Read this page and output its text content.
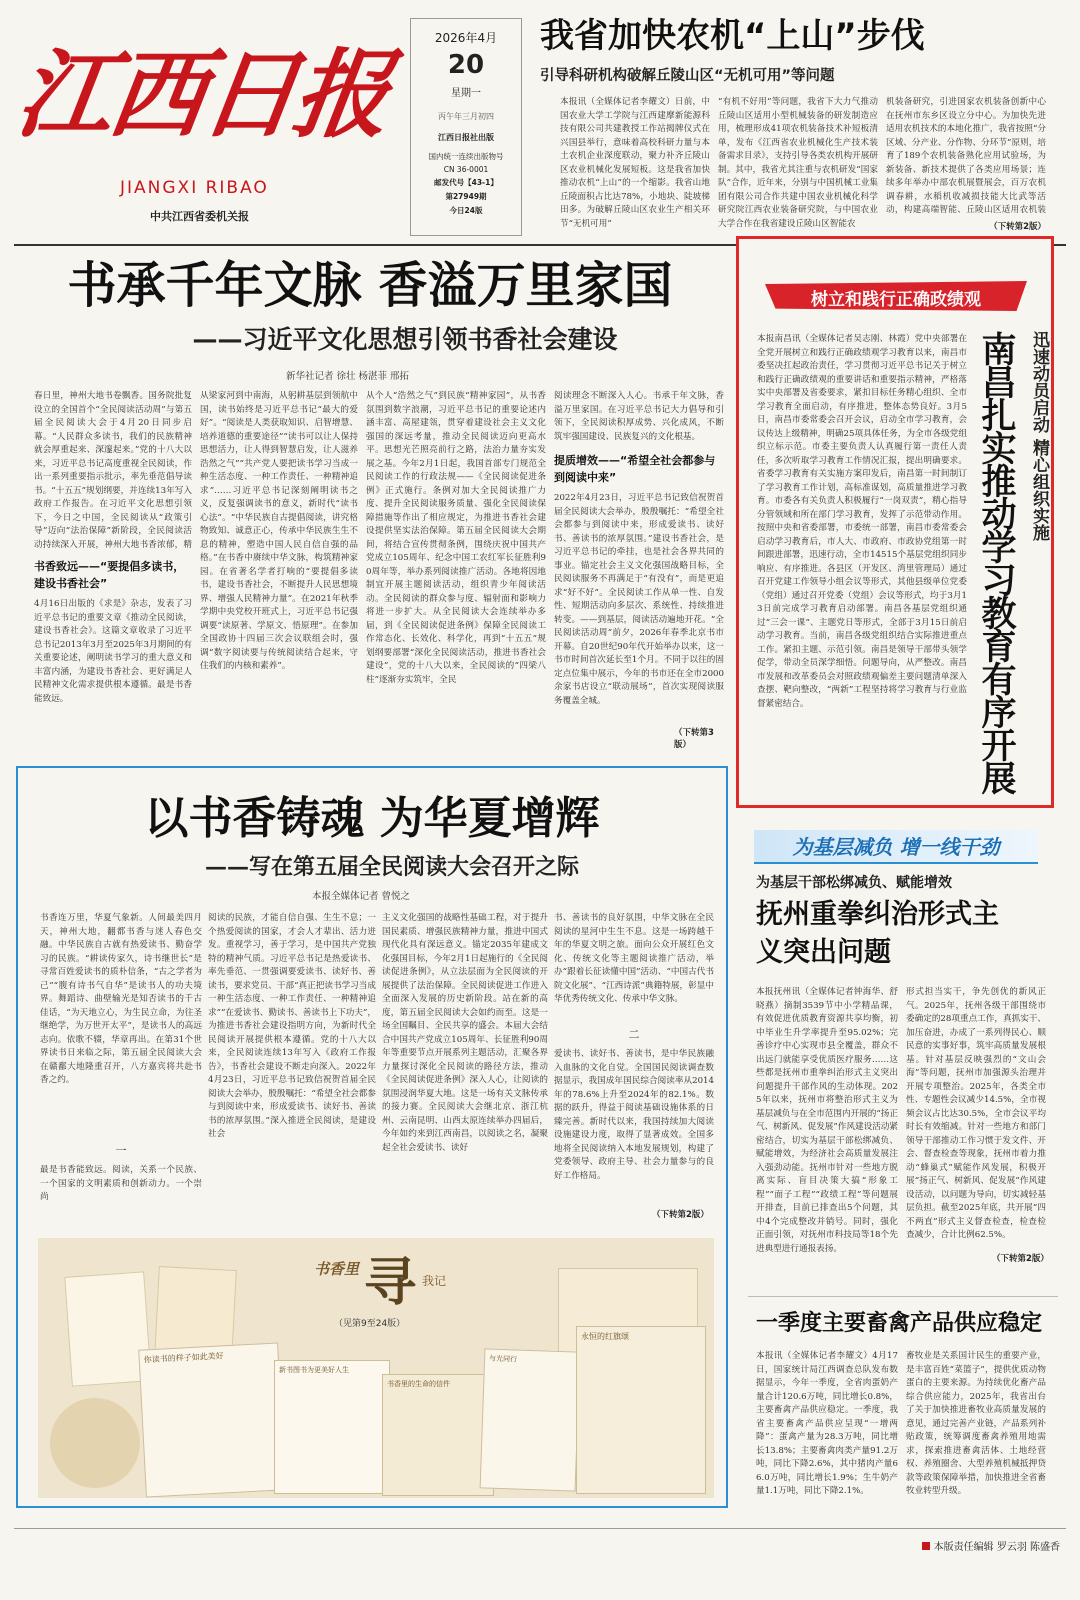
江西日报
JIANGXI RIBAO
中共江西省委机关报
2026年4月
20
星期一
丙午年三月初四
江西日报社出版
国内统一连续出版物号
CN 36-0001
邮发代号【43-1】
第27949期
今日24版
我省加快农机“上山”步伐
引导科研机构破解丘陵山区“无机可用”等问题
本报讯（全媒体记者李耀文）日前，中国农业大学工学院与江西建摩新能源科技有限公司共建教授工作站揭牌仪式在兴国县举行，意味着高校科研力量与本土农机企业深度联动，聚力补齐丘陵山区农业机械化发展短板。这是我省加快推动农机“上山”的一个缩影。我省山地丘陵面积占比达78%，小地块、陡坡梯田多。为破解丘陵山区农业生产相关环节“无机可用”
“有机不好用”等问题，我省下大力气推动丘陵山区适用小型机械装备的研发制造应用，梳理形成41项农机装备技术补短板清单，发布《江西省农业机械化生产技术装备需求目录》，支持引导各类农机构开展研制。其中，我省尤其注重与农机研发“国家队”合作，近年来，分别与中国机械工业集团有限公司合作共建中国农业机械化科学研究院江西农业装备研究院，与中国农业大学合作在我省建设丘陵山区智能农
机装备研究，引进国家农机装备创新中心在抚州市东乡区设立分中心。为加快先进适用农机技术的本地化推广，我省按照“分区域、分产业、分作物、分环节”原则，培育了189个农机装备熟化应用试验场，为新装备、新技术提供了各类应用场景；连续多年举办中部农机展暨展会，百万农机调春耕，水稻机收减损技能大比武等活动，构建高端智能、丘陵山区适用农机装
（下转第2版）
书承千年文脉 香溢万里家国
——习近平文化思想引领书香社会建设
新华社记者 徐壮 杨湛菲 邢拓
春日里，神州大地书卷飘香。国务院批复设立的全国首个“全民阅读活动周”与第五届全民阅读大会于4月20日同步启幕。“人民群众多读书，我们的民族精神就会厚重起来、深邃起来。”党的十八大以来，习近平总书记高度重视全民阅读，作出一系列重要指示批示，率先垂范倡导读书。“十五五”规划纲要，并连续13年写入政府工作报告。在习近平文化思想引领下，今日之中国，全民阅读从“政策引导”迈向“法治保障”新阶段，全民阅读活动持续深入开展，神州大地书香浓郁，精
书香致远——“要提倡多读书，建设书香社会”
4月16日出版的《求是》杂志，发表了习近平总书记的重要文章《推动全民阅读，建设书香社会》。这篇文章收录了习近平总书记2013年3月至2025年3月期间的有关重要论述，阐明读书学习的重大意义和丰富内涵，为建设书香社会、更好满足人民精神文化需求提供根本遵循。最是书香能致远。
从梁家河到中南海，从躬耕基层到领航中国，读书始终是习近平总书记“最大的爱好”。“阅读是人类获取知识、启智增慧、培养道德的重要途径”“读书可以让人保持思想活力，让人得到智慧启发，让人滋养浩然之气”“共产党人要把读书学习当成一种生活态度、一种工作责任、一种精神追求”……习近平总书记深刻阐明读书之义，反复强调读书的意义，新时代“读书心法”。“中华民族自古提倡阅读，讲究格物致知、诚意正心，传承中华民族生生不息的精神，塑造中国人民自信自强的品格。”在书香中赓续中华文脉，构筑精神家园。在省著名学者打响的“要提倡多读书，建设书香社会，不断提升人民思想境界、增强人民精神力量”。在2021年秋季学期中央党校开班式上，习近平总书记强调要“读原著、学原文、悟原理”。在参加全国政协十四届三次会议联组会时，强调“数字阅读要与传统阅读结合起来，守住我们的内核和素养”。
从个人“浩然之气”到民族“精神家园”，从书香氛围到数字浪潮，习近平总书记的重要论述内涵丰富、高屋建瓴，贯穿着建设社会主义文化强国的深远考量，推动全民阅读迈向更高水平。思想光芒照亮前行之路，法治力量夯实发展之基。今年2月1日起，我国首部专门规范全民阅读工作的行政法规——《全民阅读促进条例》正式施行。条例对加大全民阅读推广力度、提升全民阅读服务质量、强化全民阅读保障措施等作出了相应规定，为推进书香社会建设提供坚实法治保障。第五届全民阅读大会期间，将结合宣传贯彻条例，围绕庆祝中国共产党成立105周年、纪念中国工农红军长征胜利90周年等，举办系列阅读推广活动。各地将因地制宜开展主题阅读活动，组织青少年阅读活动。全民阅读的群众参与度、辐射面和影响力将进一步扩大。从全民阅读大会连续举办多届，到《全民阅读促进条例》保障全民阅读工作常态化、长效化、科学化，再到“十五五”规划纲要部署“深化全民阅读活动，推进书香社会建设”，党的十八大以来，全民阅读的“四梁八柱”逐渐夯实筑牢，全民
阅读理念不断深入人心。书承千年文脉，香溢万里家国。在习近平总书记大力倡导和引领下，全民阅读积厚成势、兴化成风，不断筑牢强国建设、民族复兴的文化根基。
提质增效——“希望全社会都参与到阅读中来”
2022年4月23日，习近平总书记致信祝贺首届全民阅读大会举办，殷殷嘱托：“希望全社会都参与到阅读中来，形成爱读书、读好书、善读书的浓厚氛围。”建设书香社会，是习近平总书记的牵挂，也是社会各界共同的事业。锚定社会主义文化强国战略目标，全民阅读服务不再满足于“有没有”，而是更追求“好不好”。全民阅读工作从单一性、自发性、短期活动向多层次、系统性、持续推进转变。——到基层，阅读活动遍地开花。“全民阅读活动周”前夕，2026年春季北京书市开幕。自20世纪90年代开始举办以来，这一书市时间首次延长至1个月。不同于以往的固定点位集中展示，今年的书市还在全市2000余家书店设立“联动展场”，首次实现阅读服务覆盖全城。
（下转第3版）
以书香铸魂 为华夏增辉
——写在第五届全民阅读大会召开之际
本报全媒体记者 曾悦之
书香连万里，华夏气象新。人间最美四月天，神州大地，翻都书香与迷人春色交融。中华民族自古就有热爱读书、勤奋学习的民族。“耕读传家久，诗书继世长”是寻常百姓爱读书的质朴信条，“古之学者为己”“腹有诗书气自华”是读书人的功夫境界。舞蹈诗、曲壁输光是知否读书的千古佳话，“为天地立心，为生民立命，为往圣继绝学，为万世开太平”，是读书人的高远志向。依歌不辍，华章再出。在第31个世界读书日来临之际，第五届全民阅读大会在赣鄱大地隆重召开，八方嘉宾将共赴书香之约。
一
最是书香能致远。阅读，关系一个民族、一个国家的文明素质和创新动力。一个崇尚
阅读的民族，才能自信自强、生生不息；一个热爱阅读的国家，才会人才辈出、活力迸发。重视学习，善于学习，是中国共产党独特的精神气质。习近平总书记是热爱读书、率先垂范、一贯强调要爱读书、读好书、善读书，要求党员、干部“真正把读书学习当成一种生活态度、一种工作责任、一种精神追求”“在爱读书、勤读书、善读书上下功夫”，为推进书香社会建设指明方向，为新时代全民阅读开展提供根本遵循。党的十八大以来，全民阅读连续13年写入《政府工作报告》，书香社会建设不断走向深入。2022年4月23日，习近平总书记致信祝贺首届全民阅读大会举办，殷殷嘱托：“希望全社会都参与到阅读中来，形成爱读书、读好书、善读书的浓厚氛围。”深入推进全民阅读，是建设社会
主义文化强国的战略性基础工程，对于提升国民素质、增强民族精神力量，推进中国式现代化具有深远意义。锚定2035年建成文化强国目标，今年2月1日起施行的《全民阅读促进条例》，从立法层面为全民阅读的开展提供了法治保障。全民阅读促进工作进入全面深入发展的历史新阶段。站在新的高度，第五届全民阅读大会如约而至。这是一场全国瞩目、全民共享的盛会。本届大会结合中国共产党成立105周年、长征胜利90周年等重要节点开展系列主题活动，汇聚各界力量探讨深化全民阅读的路径方法，推动《全民阅读促进条例》深入人心，让阅读的氛围浸润华夏大地。这是一场有关文脉传承的接力赛。全民阅读大会继北京、浙江杭州、云南昆明、山西太原连续举办四届后，今年如约来到江西南昌，以阅读之名，凝聚起全社会爱读书、读好
书、善读书的良好氛围，中华文脉在全民阅读的星河中生生不息。这是一场跨越千年的华夏文明之旅。面向公众开展红色文化、传统文化等主题阅读推广活动，举办“跟着长征读懂中国”活动、“中国古代书院文化展”、“江西诗派”典籍特展，彰显中华优秀传统文化、传承中华文脉。
二
爱读书、读好书、善读书，是中华民族融入血脉的文化自觉。全国国民阅读调查数据显示，我国成年国民综合阅读率从2014年的78.6%上升至2024年的82.1%。数据的跃升，得益于阅读基础设施体系的日臻完善。新时代以来，我国持续加大阅读设施建设力度，取得了显著成效。全国多地将全民阅读纳入本地发展规划，构建了党委领导、政府主导、社会力量参与的良好工作格局。
（下转第2版）
书香里 寻 我记
（见第9至24版）
你读书的样子如此美好
新书图书为更美好人生
书香里的生命的信件
与光同行
永恒的红旗颂
树立和践行正确政绩观
本报南昌讯（全媒体记者吴志刚、林霞）党中央部署在全党开展树立和践行正确政绩观学习教育以来，南昌市委坚决扛起政治责任，学习贯彻习近平总书记关于树立和践行正确政绩观的重要讲话和重要指示精神，严格落实中央部署及省委要求，紧扣目标任务精心组织、全市学习教育全面启动，有序推进，整体态势良好。3月5日，南昌市委常委会召开会议，启动全市学习教育，会议传达上级精神，明确25项具体任务，为全市各级党组织立标示范。市委主要负责人认真履行第一责任人责任，多次听取学习教育工作情况汇报，提出明确要求。省委学习教育有关实施方案印发后，南昌第一时间制订了学习教育工作计划，高标准谋划，高质量推进学习教育。市委各有关负责人积极履行“一岗双责”，精心指导分管领域和所在部门学习教育，发挥了示范带动作用。按照中央和省委部署，市委统一部署，南昌市委常委会启动学习教育后，市人大、市政府、市政协党组第一时间跟进部署，迅速行动，全市14515个基层党组织同步响应、有序推进。各县区（开发区、湾里管理局）通过召开党建工作领导小组会议等形式，其他县级单位党委（党组）通过召开党委（党组）会议等形式，均于3月13日前完成学习教育启动部署。南昌各基层党组织通过“三会一课”、主题党日等形式，全部于3月15日前启动学习教育。当前，南昌各级党组织结合实际推进重点工作。紧扣主题、示范引领。南昌是领导干部带头领学促学，带动全员深学细悟。问题导向，从严整改。南昌市发展和改革委员会对照政绩观偏差主要问题清单深入查摆、靶向整改，“两新”工程坚持将学习教育与行业监督紧密结合。	南昌扎实推动学习教育有序开展 迅速动员启动 精心组织实施
为基层减负 增一线干劲
为基层干部松绑减负、赋能增效
抚州重拳纠治形式主义突出问题
本报抚州讯（全媒体记者钟海华、舒晓燕）摘制3539节中小学精品课，有效促进优质教育资源共享均衡，初中毕业生升学率提升至95.02%；完善诊疗中心实现市县全覆盖，群众不出远门就能享受优质医疗服务……这些都是抚州市重拳纠治形式主义突出问题提升干部作风的生动体现。2025年以来，抚州市将整治形式主义为基层减负与在全市范围内开展的“扬正气、树新风、促发展”作风建设活动紧密结合，切实为基层干部松绑减负、赋能增效，为经济社会高质量发展注入强劲动能。抚州市针对一些地方脱离实际、盲目决策大搞“形象工程”“面子工程”“政绩工程”等问题展开排查，目前已排查出5个问题，其中4个完成整改并销号。同时，强化正面引领，对抚州市科技局等18个先进典型进行通报表扬。
形式担当实干，争先创优的新风正气。2025年，抚州各级干部围绕市委确定的28项重点工作，真抓实干、加压奋进，办成了一系列得民心、顺民意的实事好事，筑牢高质量发展根基。针对基层反映强烈的“文山会海”等问题，抚州市加强源头治理并开展专项整治。2025年，各类全市性、专题性会议减少14.5%，全市视频会议占比达30.5%，全市会议平均时长有效缩减。针对一些地方和部门领导干部推动工作习惯于发文件、开会、督查检查等现象，抚州市着力推动“蜂巢式”赋能作风发展，积极开展“扬正气、树新风、促发展”作风建设活动，以问题为导向，切实减轻基层负担。截至2025年底，共开展“四不两直”形式主义督查检查，检查检查减少，合计比例62.5%。
（下转第2版）
一季度主要畜禽产品供应稳定
本报讯（全媒体记者李耀文）4月17日，国家统计局江西调查总队发布数据显示，今年一季度，全省肉蛋奶产量合计120.6万吨，同比增长0.8%，主要畜禽产品供应稳定。一季度，我省主要畜禽产品供应呈现“一增两降”：蛋禽产量为28.3万吨，同比增长13.8%；主要畜禽肉类产量91.2万吨，同比下降2.6%，其中猪肉产量66.0万吨，同比增长1.9%；生牛奶产量1.1万吨，同比下降2.1%。
畜牧业是关系国计民生的重要产业，是丰富百姓“菜篮子”，提供优质动物蛋白的主要来源。为持续优化畜产品综合供应能力，2025年，我省出台了关于加快推进畜牧业高质量发展的意见，通过完善产业链，产品系列补贴政策，统筹调度畜禽养殖用地需求，探索推进畜禽活体、土地经营权、养殖圈舍、大型养殖机械抵押贷款等政策保障举措，加快推进全省畜牧业转型升级。
本版责任编辑 罗云羽 陈盛香
